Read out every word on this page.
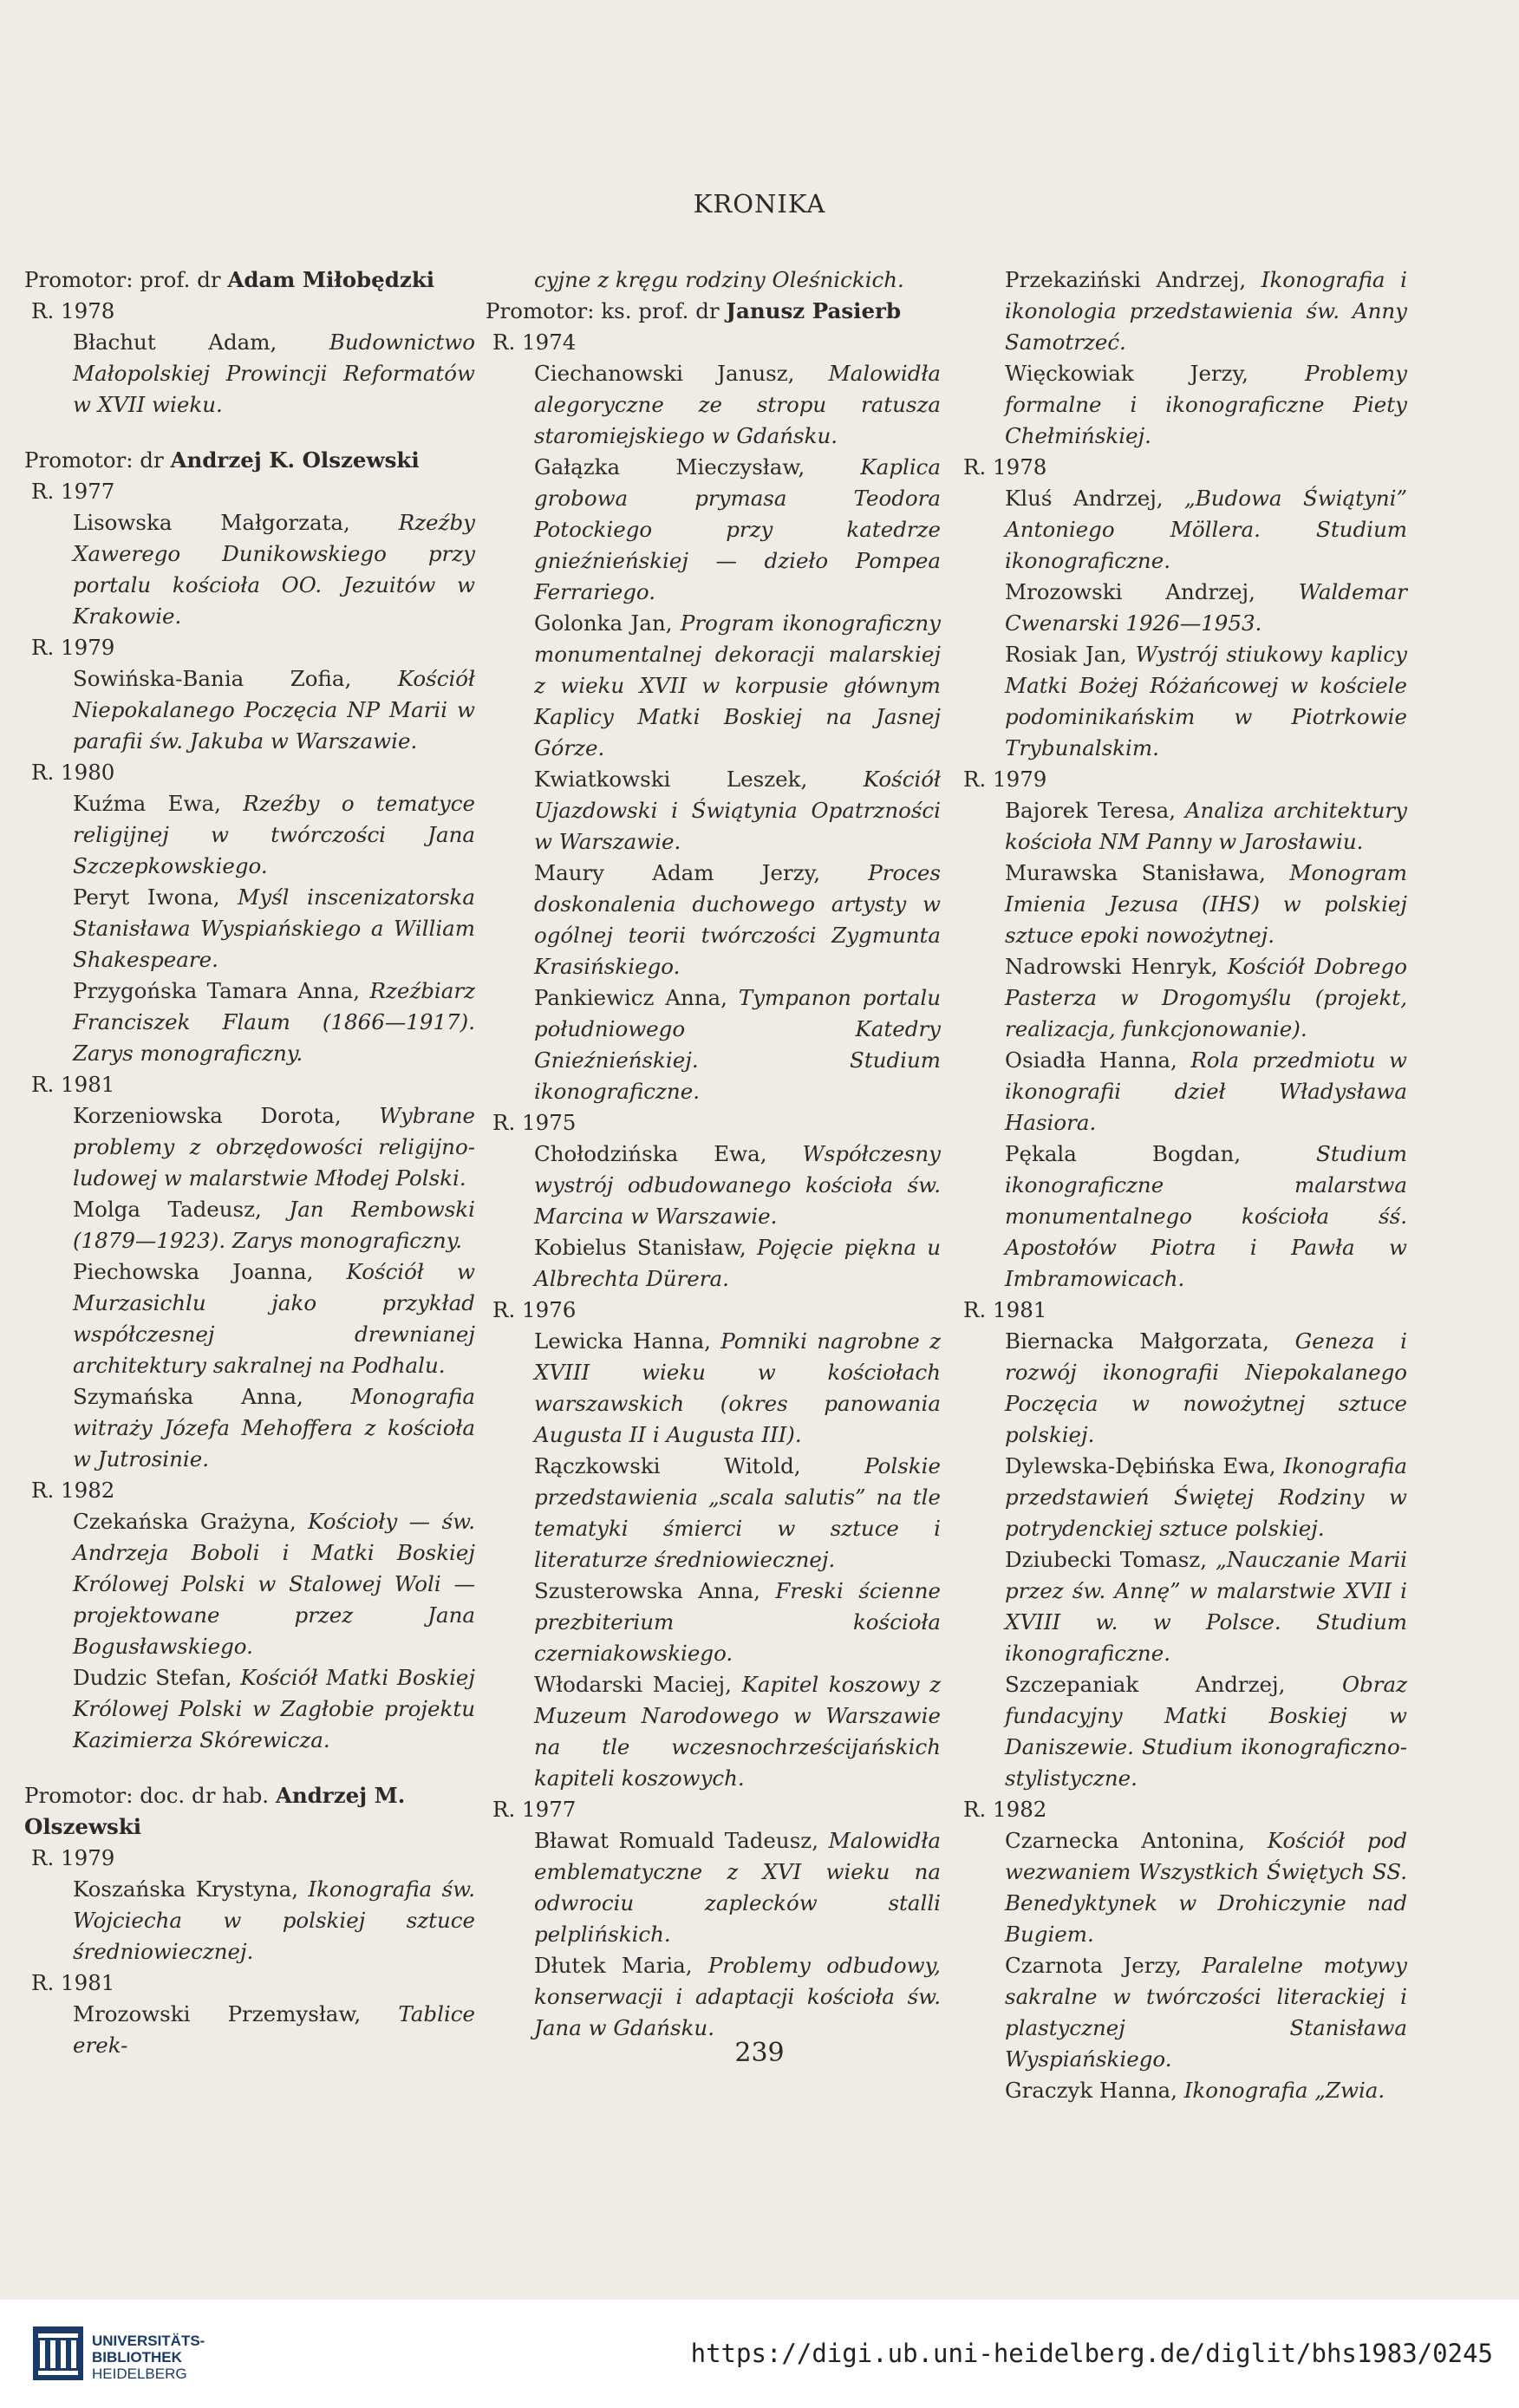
KRONIKA
Promotor: prof. dr Adam Miłobędzki
R. 1978
Błachut Adam, Budownictwo Małopolskiej Prowincji Reformatów w XVII wieku.
Promotor: dr Andrzej K. Olszewski
R. 1977
Lisowska Małgorzata, Rzeźby Xawerego Dunikowskiego przy portalu kościoła OO. Jezuitów w Krakowie.
R. 1979
Sowińska-Bania Zofia, Kościół Niepokalanego Poczęcia NP Marii w parafii św. Jakuba w Warszawie.
R. 1980
Kuźma Ewa, Rzeźby o tematyce religijnej w twórczości Jana Szczepkowskiego.
Peryt Iwona, Myśl inscenizatorska Stanisława Wyspiańskiego a William Shakespeare.
Przygońska Tamara Anna, Rzeźbiarz Franciszek Flaum (1866—1917). Zarys monograficzny.
R. 1981
Korzeniowska Dorota, Wybrane problemy z obrzędowości religijno-ludowej w malarstwie Młodej Polski.
Molga Tadeusz, Jan Rembowski (1879—1923). Zarys monograficzny.
Piechowska Joanna, Kościół w Murzasichlu jako przykład współczesnej drewnianej architektury sakralnej na Podhalu.
Szymańska Anna, Monografia witraży Józefa Mehoffera z kościoła w Jutrosinie.
R. 1982
Czekańska Grażyna, Kościoły — św. Andrzeja Boboli i Matki Boskiej Królowej Polski w Stalowej Woli — projektowane przez Jana Bogusławskiego.
Dudzic Stefan, Kościół Matki Boskiej Królowej Polski w Zagłobie projektu Kazimierza Skórewicza.
Promotor: doc. dr hab. Andrzej M. Olszewski
R. 1979
Koszańska Krystyna, Ikonografia św. Wojciecha w polskiej sztuce średniowiecznej.
R. 1981
Mrozowski Przemysław, Tablice erek-
cyjne z kręgu rodziny Oleśnickich.
Promotor: ks. prof. dr Janusz Pasierb
R. 1974
Ciechanowski Janusz, Malowidła alegoryczne ze stropu ratusza staromiejskiego w Gdańsku.
Gałązka Mieczysław, Kaplica grobowa prymasa Teodora Potockiego przy katedrze gnieźnieńskiej — dzieło Pompea Ferrariego.
Golonka Jan, Program ikonograficzny monumentalnej dekoracji malarskiej z wieku XVII w korpusie głównym Kaplicy Matki Boskiej na Jasnej Górze.
Kwiatkowski Leszek, Kościół Ujazdowski i Świątynia Opatrzności w Warszawie.
Maury Adam Jerzy, Proces doskonalenia duchowego artysty w ogólnej teorii twórczości Zygmunta Krasińskiego.
Pankiewicz Anna, Tympanon portalu południowego Katedry Gnieźnieńskiej. Studium ikonograficzne.
R. 1975
Chołodzińska Ewa, Współczesny wystrój odbudowanego kościoła św. Marcina w Warszawie.
Kobielus Stanisław, Pojęcie piękna u Albrechta Dürera.
R. 1976
Lewicka Hanna, Pomniki nagrobne z XVIII wieku w kościołach warszawskich (okres panowania Augusta II i Augusta III).
Rączkowski Witold, Polskie przedstawienia „scala salutis” na tle tematyki śmierci w sztuce i literaturze średniowiecznej.
Szusterowska Anna, Freski ścienne prezbiterium kościoła czerniakowskiego.
Włodarski Maciej, Kapitel koszowy z Muzeum Narodowego w Warszawie na tle wczesnochrześcijańskich kapiteli koszowych.
R. 1977
Bławat Romuald Tadeusz, Malowidła emblematyczne z XVI wieku na odwrociu zaplecków stalli pelplińskich.
Dłutek Maria, Problemy odbudowy, konserwacji i adaptacji kościoła św. Jana w Gdańsku.
Przekaziński Andrzej, Ikonografia i ikonologia przedstawienia św. Anny Samotrzeć.
Więckowiak Jerzy, Problemy formalne i ikonograficzne Piety Chełmińskiej.
R. 1978
Kluś Andrzej, „Budowa Świątyni” Antoniego Möllera. Studium ikonograficzne.
Mrozowski Andrzej, Waldemar Cwenarski 1926—1953.
Rosiak Jan, Wystrój stiukowy kaplicy Matki Bożej Różańcowej w kościele podominikańskim w Piotrkowie Trybunalskim.
R. 1979
Bajorek Teresa, Analiza architektury kościoła NM Panny w Jarosławiu.
Murawska Stanisława, Monogram Imienia Jezusa (IHS) w polskiej sztuce epoki nowożytnej.
Nadrowski Henryk, Kościół Dobrego Pasterza w Drogomyślu (projekt, realizacja, funkcjonowanie).
Osiadła Hanna, Rola przedmiotu w ikonografii dzieł Władysława Hasiora.
Pękala Bogdan, Studium ikonograficzne malarstwa monumentalnego kościoła śś. Apostołów Piotra i Pawła w Imbramowicach.
R. 1981
Biernacka Małgorzata, Geneza i rozwój ikonografii Niepokalanego Poczęcia w nowożytnej sztuce polskiej.
Dylewska-Dębińska Ewa, Ikonografia przedstawień Świętej Rodziny w potrydenckiej sztuce polskiej.
Dziubecki Tomasz, „Nauczanie Marii przez św. Annę” w malarstwie XVII i XVIII w. w Polsce. Studium ikonograficzne.
Szczepaniak Andrzej, Obraz fundacyjny Matki Boskiej w Daniszewie. Studium ikonograficzno-stylistyczne.
R. 1982
Czarnecka Antonina, Kościół pod wezwaniem Wszystkich Świętych SS. Benedyktynek w Drohiczynie nad Bugiem.
Czarnota Jerzy, Paralelne motywy sakralne w twórczości literackiej i plastycznej Stanisława Wyspiańskiego.
Graczyk Hanna, Ikonografia „Zwia.
239
UNIVERSITÄTS-
BIBLIOTHEK
HEIDELBERG
https://digi.ub.uni-heidelberg.de/diglit/bhs1983/0245
